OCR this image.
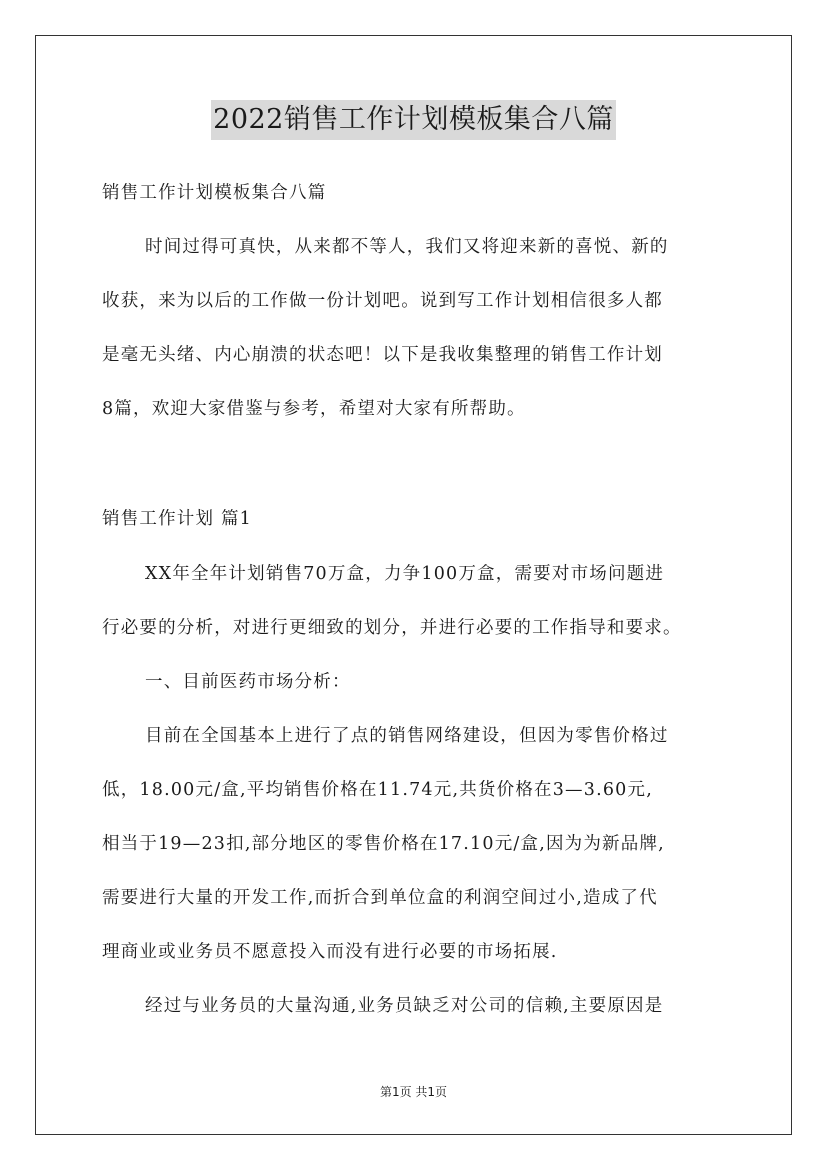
2022销售工作计划模板集合八篇
销售工作计划模板集合八篇
时间过得可真快，从来都不等人，我们又将迎来新的喜悦、新的
收获，来为以后的工作做一份计划吧。说到写工作计划相信很多人都
是毫无头绪、内心崩溃的状态吧！以下是我收集整理的销售工作计划
8篇，欢迎大家借鉴与参考，希望对大家有所帮助。
销售工作计划 篇1
XX年全年计划销售70万盒，力争100万盒，需要对市场问题进
行必要的分析，对进行更细致的划分，并进行必要的工作指导和要求。
一、目前医药市场分析：
目前在全国基本上进行了点的销售网络建设，但因为零售价格过
低，18.00元/盒,平均销售价格在11.74元,共货价格在3—3.60元,
相当于19—23扣,部分地区的零售价格在17.10元/盒,因为为新品牌,
需要进行大量的开发工作,而折合到单位盒的利润空间过小,造成了代
理商业或业务员不愿意投入而没有进行必要的市场拓展.
经过与业务员的大量沟通,业务员缺乏对公司的信赖,主要原因是
第1页 共1页
